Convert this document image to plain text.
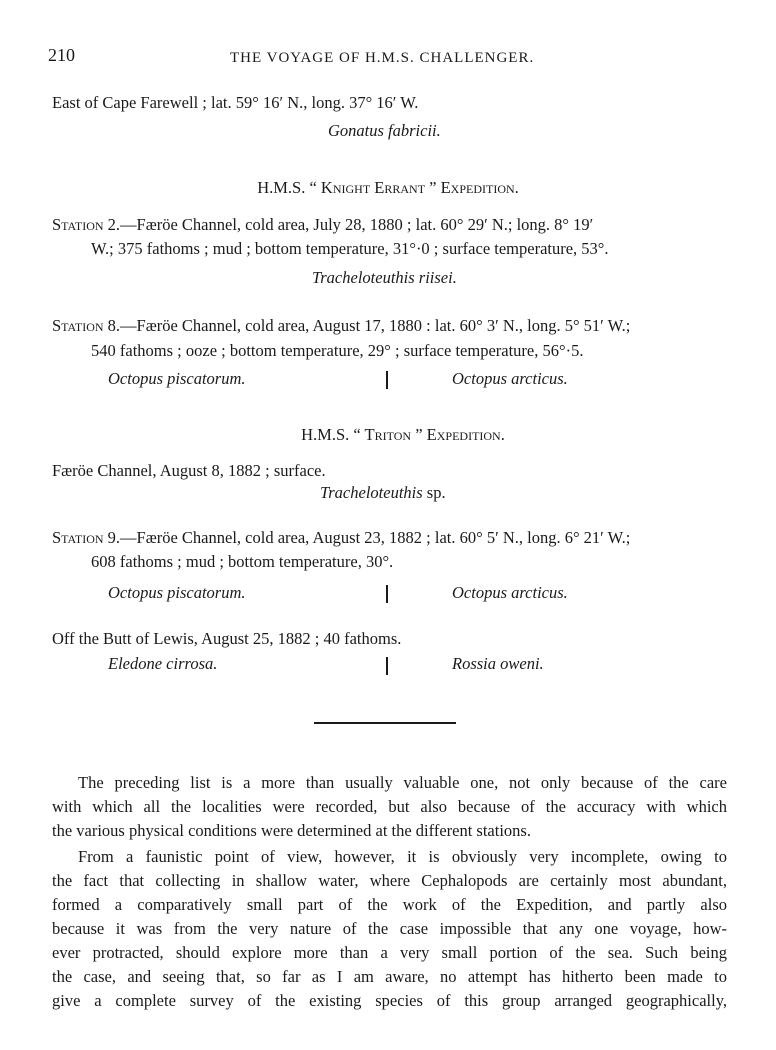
210	THE VOYAGE OF H.M.S. CHALLENGER.
East of Cape Farewell ; lat. 59° 16′ N., long. 37° 16′ W.
Gonatus fabricii.
H.M.S. “ Knight Errant ” Expedition.
Station 2.—Færöe Channel, cold area, July 28, 1880 ; lat. 60° 29′ N.; long. 8° 19′
W.; 375 fathoms ; mud ; bottom temperature, 31°·0 ; surface temperature, 53°.
Tracheloteuthis riisei.
Station 8.—Færöe Channel, cold area, August 17, 1880 : lat. 60° 3′ N., long. 5° 51′ W.;
540 fathoms ; ooze ; bottom temperature, 29° ; surface temperature, 56°·5.
Octopus piscatorum.	Octopus arcticus.
H.M.S. “ Triton ” Expedition.
Færöe Channel, August 8, 1882 ; surface.
Tracheloteuthis sp.
Station 9.—Færöe Channel, cold area, August 23, 1882 ; lat. 60° 5′ N., long. 6° 21′ W.;
608 fathoms ; mud ; bottom temperature, 30°.
Octopus piscatorum.	Octopus arcticus.
Off the Butt of Lewis, August 25, 1882 ; 40 fathoms.
Eledone cirrosa.	Rossia oweni.
The preceding list is a more than usually valuable one, not only because of the care
with which all the localities were recorded, but also because of the accuracy with which
the various physical conditions were determined at the different stations.
From a faunistic point of view, however, it is obviously very incomplete, owing to
the fact that collecting in shallow water, where Cephalopods are certainly most abundant,
formed a comparatively small part of the work of the Expedition, and partly also
because it was from the very nature of the case impossible that any one voyage, how-
ever protracted, should explore more than a very small portion of the sea. Such being
the case, and seeing that, so far as I am aware, no attempt has hitherto been made to
give a complete survey of the existing species of this group arranged geographically,
